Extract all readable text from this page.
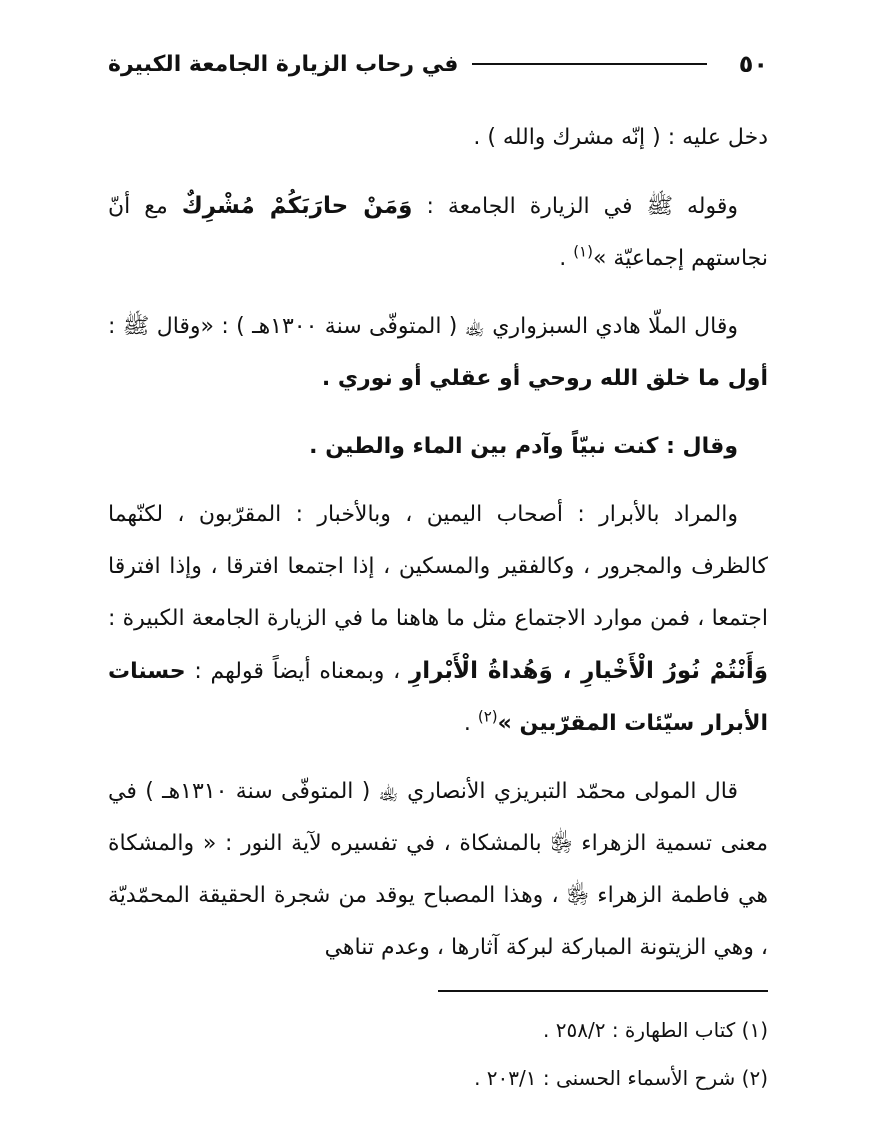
٥٠
في رحاب الزيارة الجامعة الكبيرة

دخل عليه : ( إنّه مشرك والله ) .

وقوله ﷺ في الزيارة الجامعة : وَمَنْ حارَبَكُمْ مُشْرِكٌ مع أنّ نجاستهم إجماعيّة »$^{(١)}$ .

وقال الملّا هادي السبزواري ﵀ ( المتوفّى سنة ١٣٠٠هـ ) : «وقال ﷺ : أول ما خلق الله روحي أو عقلي أو نوري .

وقال : كنت نبيّاً وآدم بين الماء والطين .

والمراد بالأبرار : أصحاب اليمين ، وبالأخبار : المقرّبون ، لكنّهما كالظرف والمجرور ، وكالفقير والمسكين ، إذا اجتمعا افترقا ، وإذا افترقا اجتمعا ، فمن موارد الاجتماع مثل ما هاهنا ما في الزيارة الجامعة الكبيرة : وَأَنْتُمْ نُورُ الْأَخْيارِ ، وَهُداةُ الْأَبْرارِ ، وبمعناه أيضاً قولهم : حسنات الأبرار سيّئات المقرّبين »$^{(٢)}$ .

قال المولى محمّد التبريزي الأنصاري ﵀ ( المتوفّى سنة ١٣١٠هـ ) في معنى تسمية الزهراء ﵂ بالمشكاة ، في تفسيره لآية النور : « والمشكاة هي فاطمة الزهراء ﵂ ، وهذا المصباح يوقد من شجرة الحقيقة المحمّديّة ، وهي الزيتونة المباركة لبركة آثارها ، وعدم تناهي

(١) كتاب الطهارة : ٢٥٨/٢ .
(٢) شرح الأسماء الحسنى : ٢٠٣/١ .
